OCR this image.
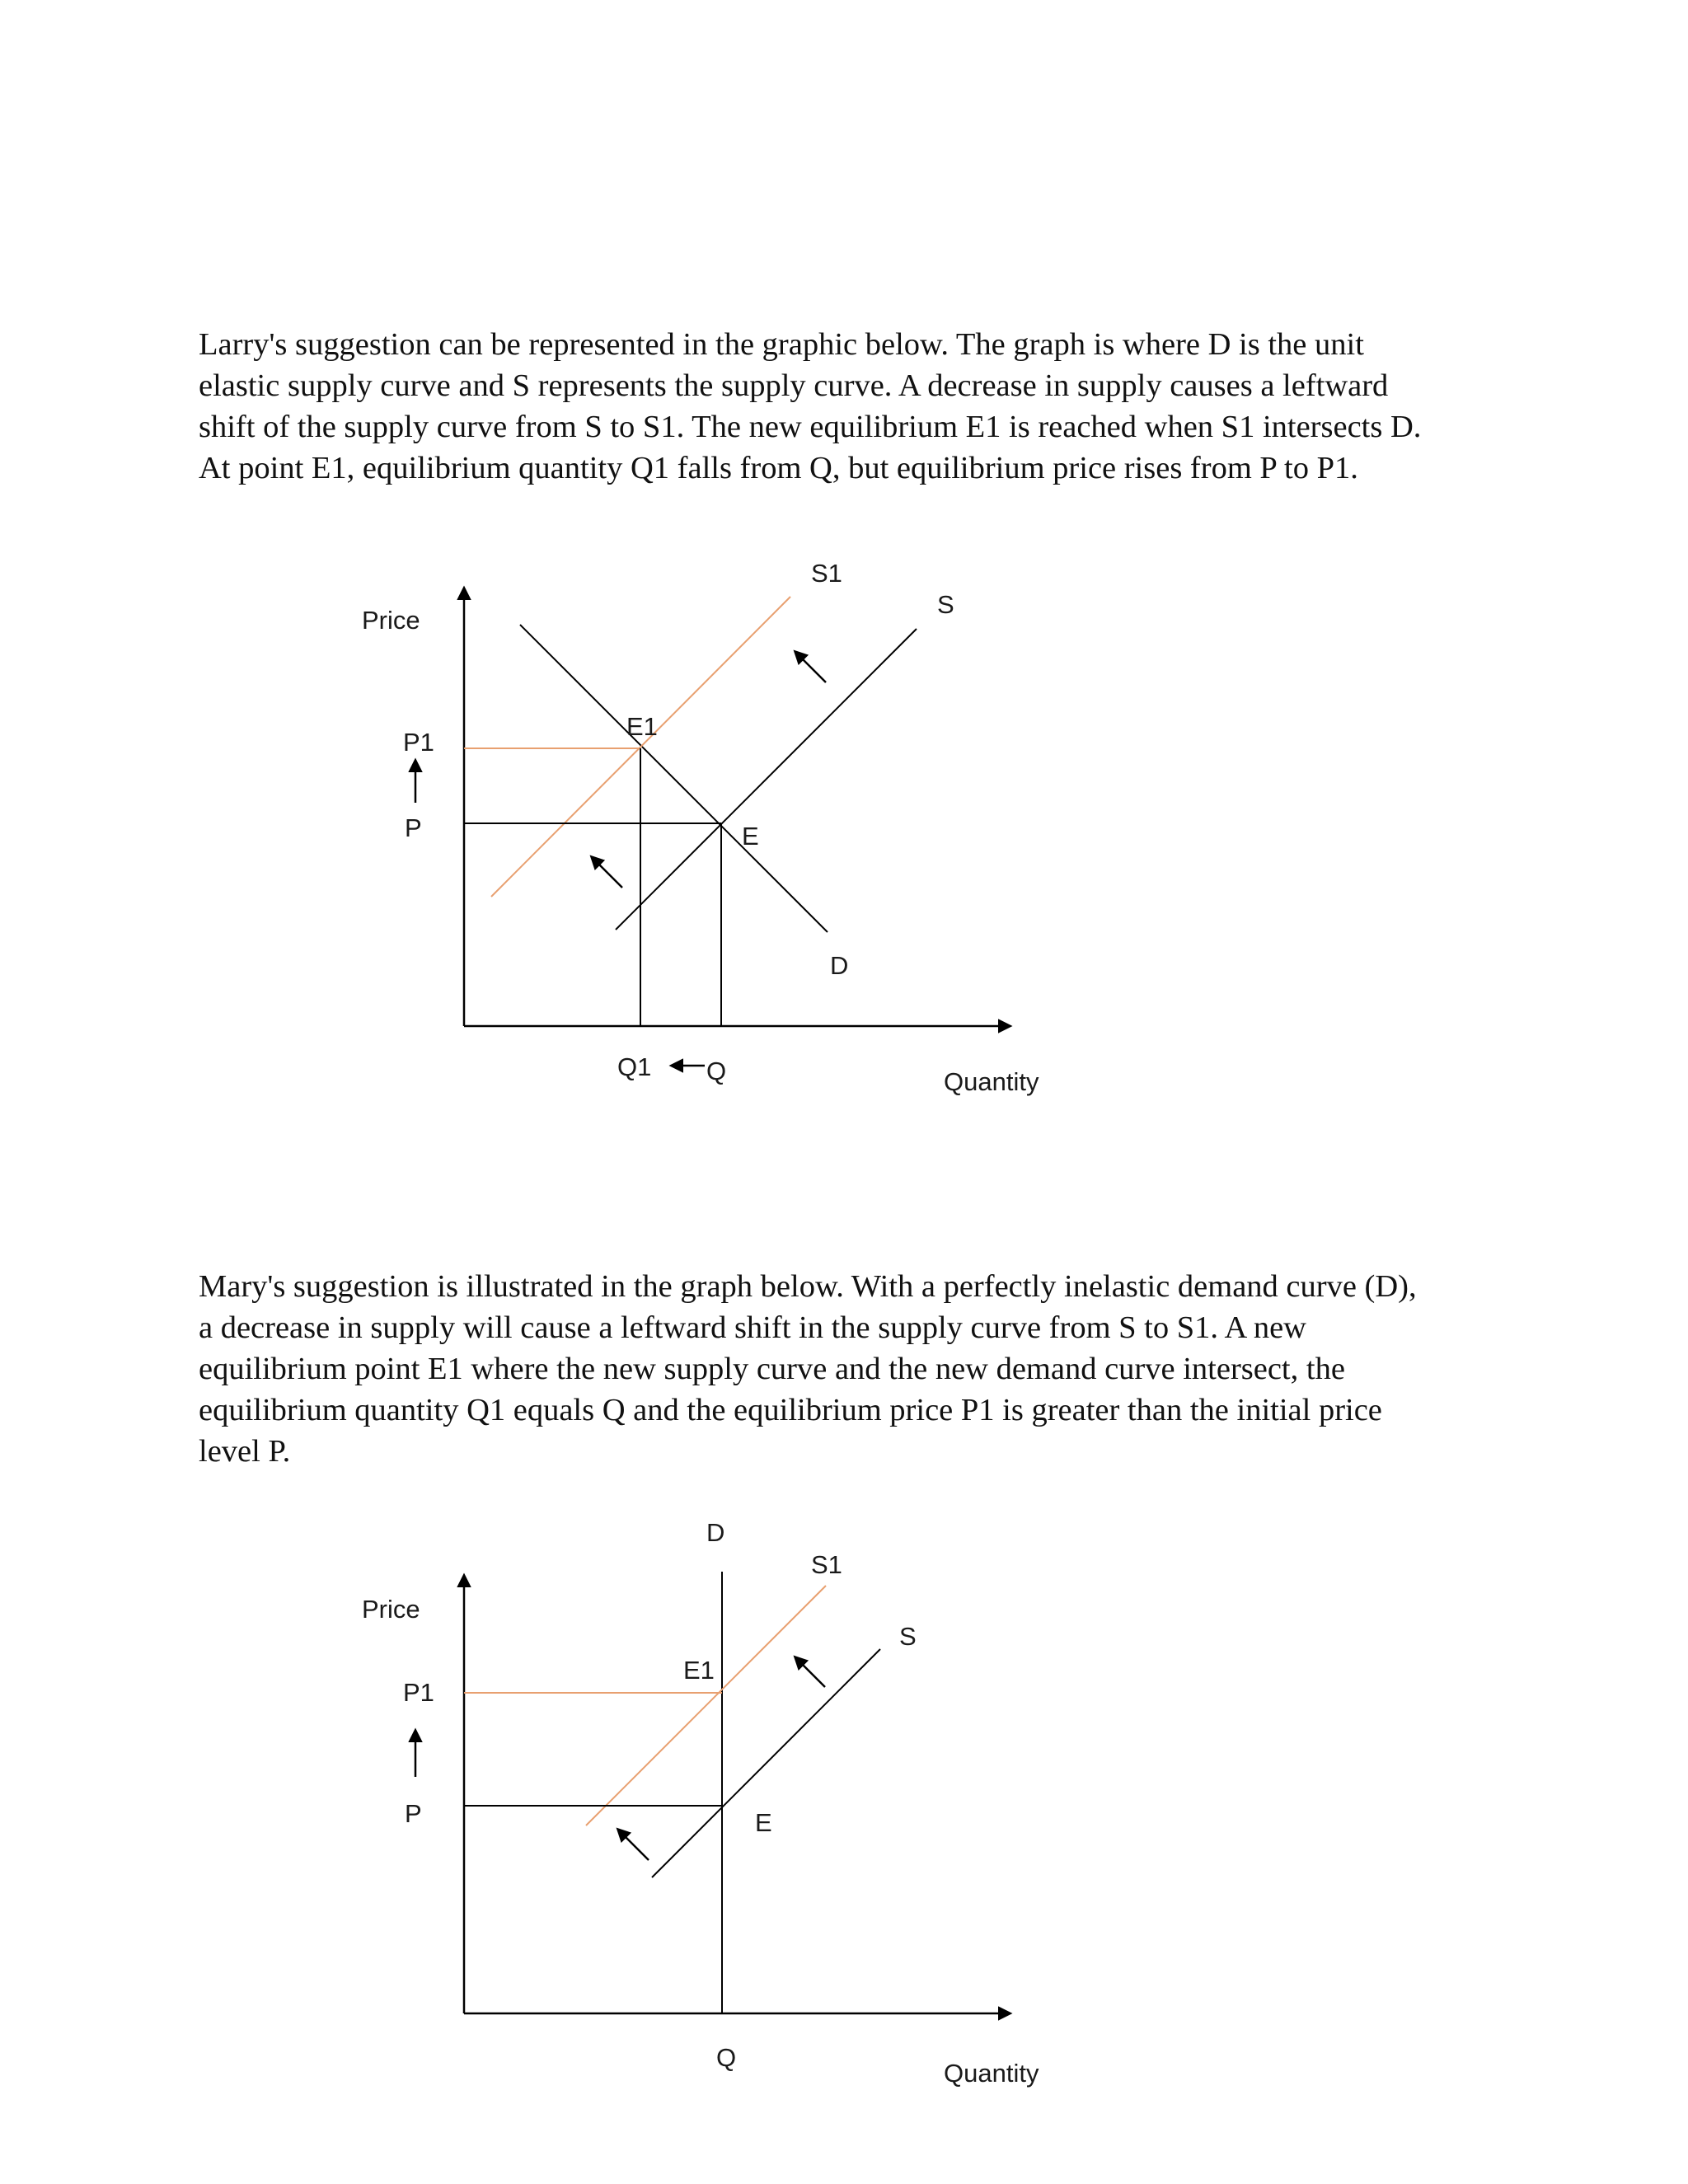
Larry's suggestion can be represented in the graphic below. The graph is where D is the unit
elastic supply curve and S represents the supply curve. A decrease in supply causes a leftward
shift of the supply curve from S to S1. The new equilibrium E1 is reached when S1 intersects D.
At point E1, equilibrium quantity Q1 falls from Q, but equilibrium price rises from P to P1.
Price
Quantity
P1
P
Q1 Q
S1
S
D
E1
E
Mary's suggestion is illustrated in the graph below. With a perfectly inelastic demand curve (D),
a decrease in supply will cause a leftward shift in the supply curve from S to S1. A new
equilibrium point E1 where the new supply curve and the new demand curve intersect, the
equilibrium quantity Q1 equals Q and the equilibrium price P1 is greater than the initial price
level P.
Price
Quantity
P1
P
Q
S1
S
D
E1
E
